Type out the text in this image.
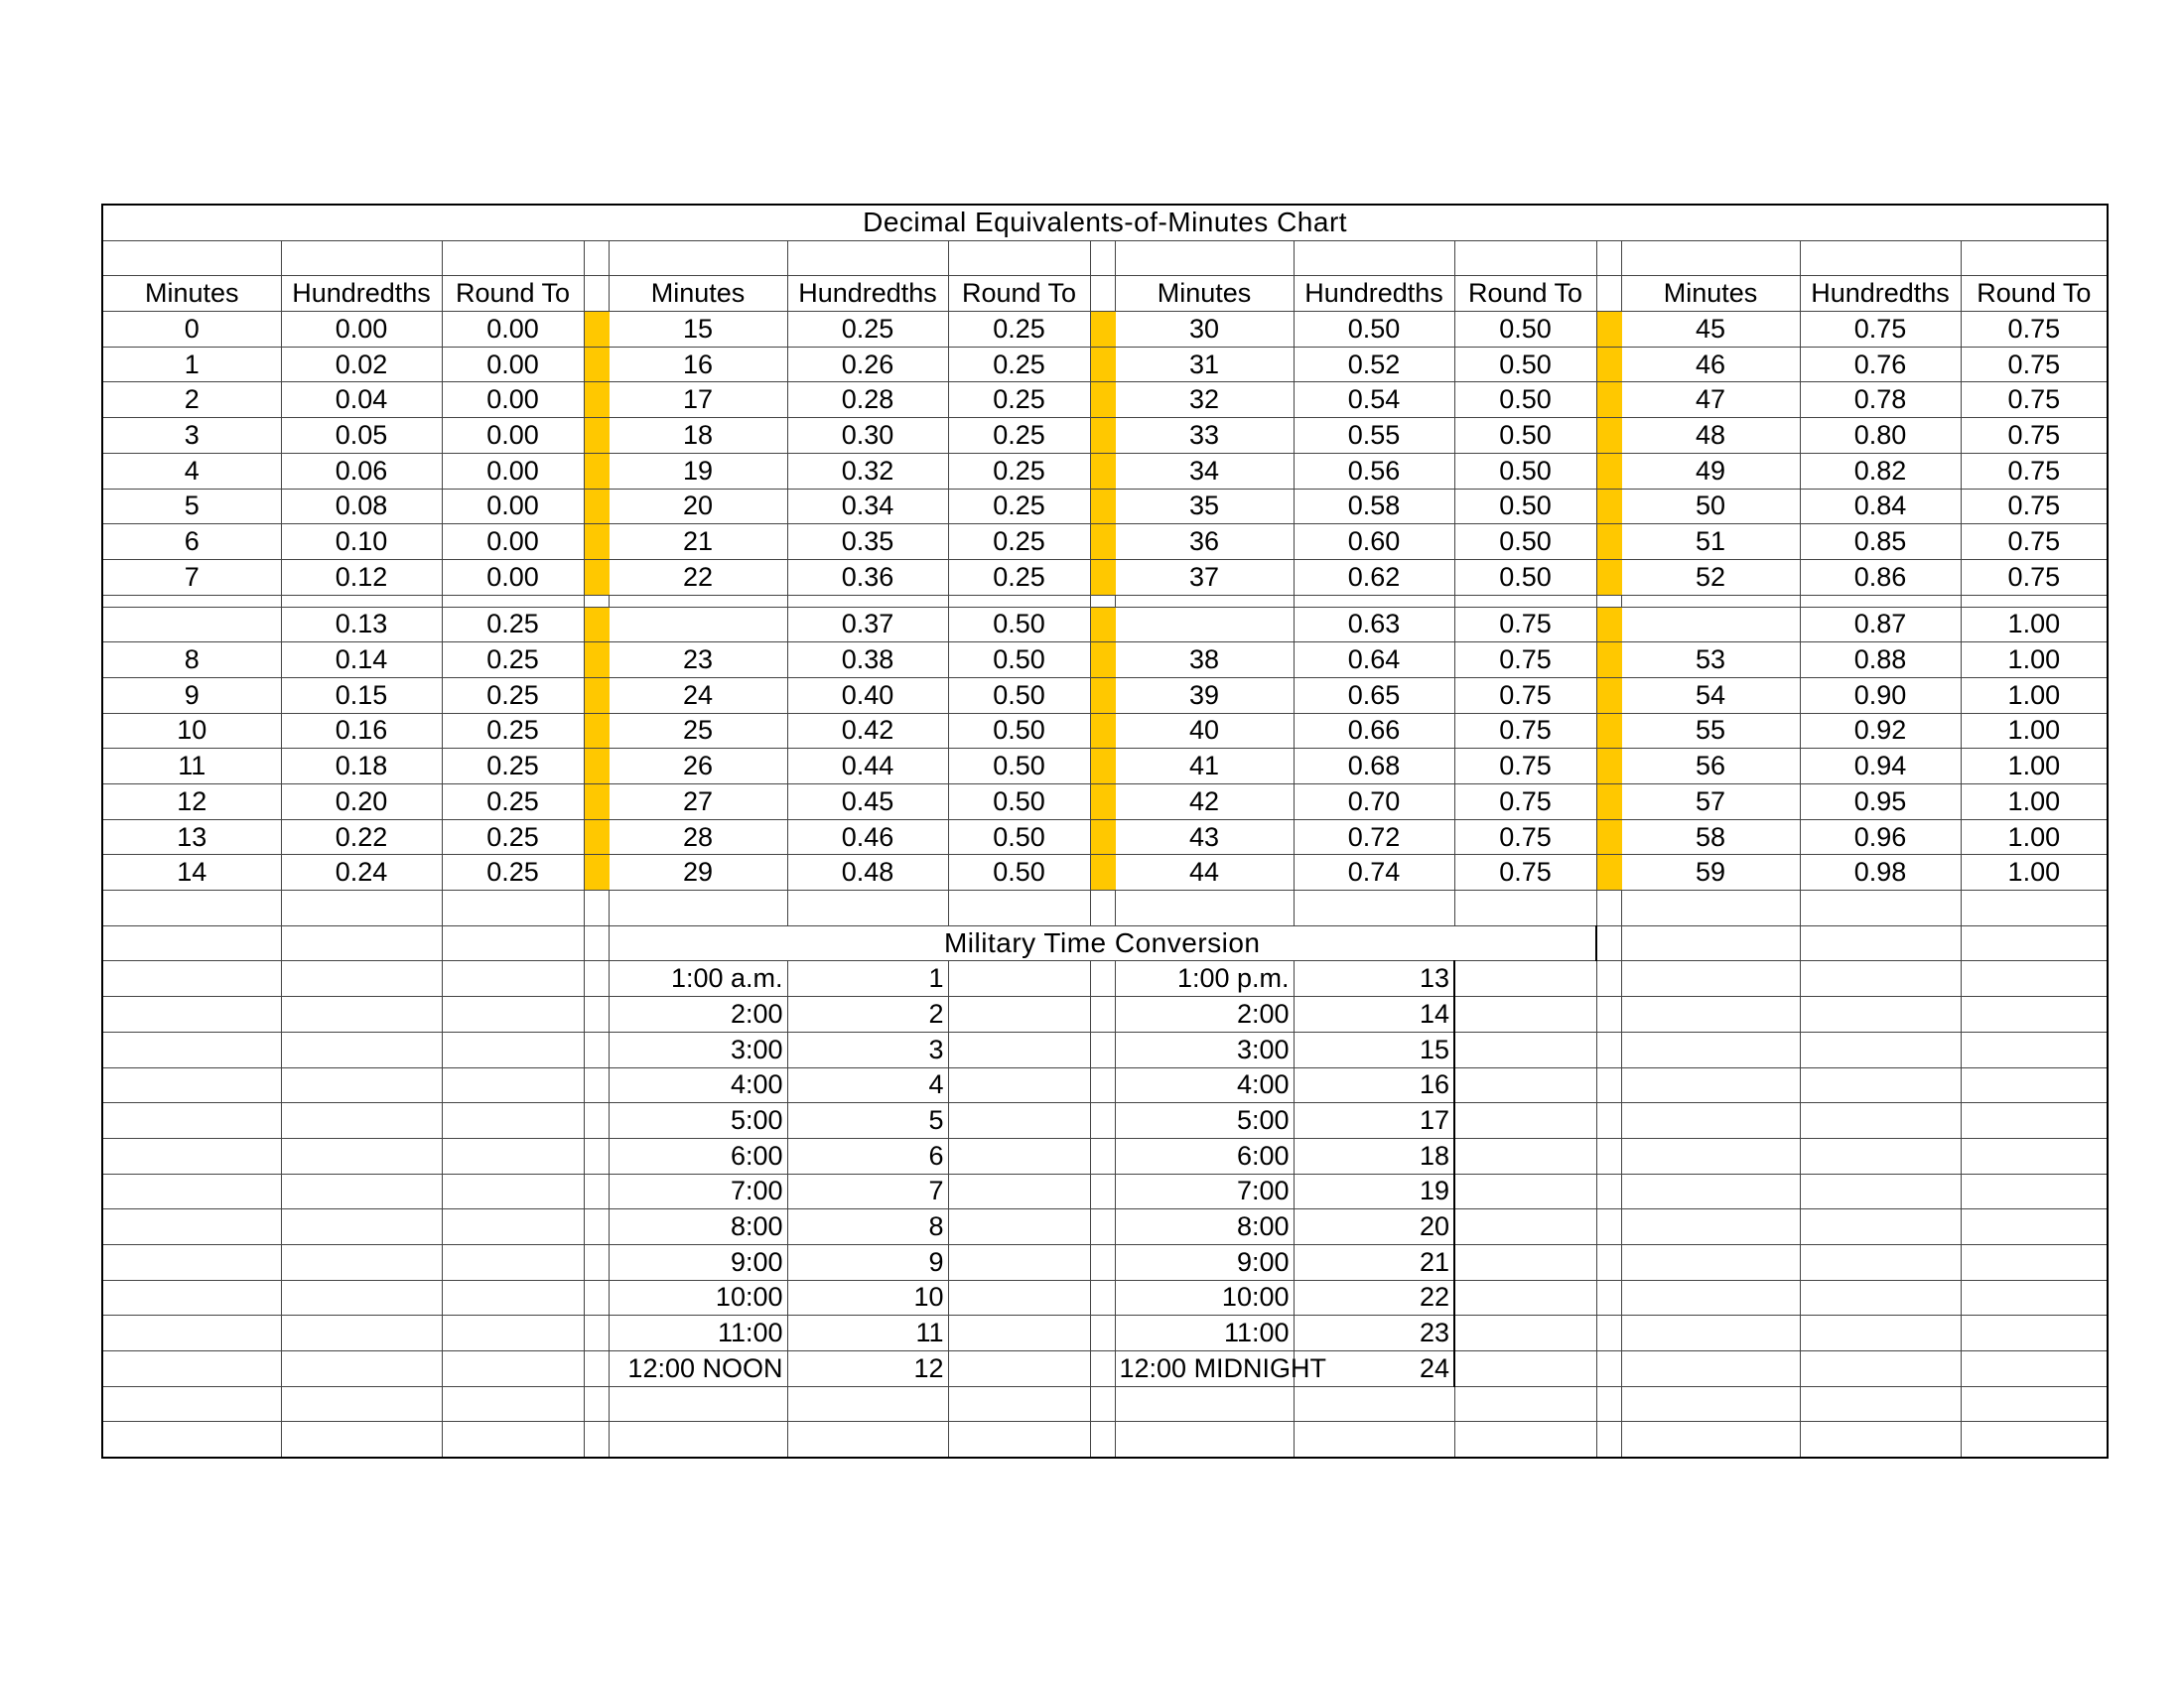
Decimal Equivalents-of-Minutes Chart														

Minutes	Hundredths	Round To		Minutes	Hundredths	Round To		Minutes	Hundredths	Round To		Minutes	Hundredths	Round To
0	0.00	0.00		15	0.25	0.25		30	0.50	0.50		45	0.75	0.75
1	0.02	0.00		16	0.26	0.25		31	0.52	0.50		46	0.76	0.75
2	0.04	0.00		17	0.28	0.25		32	0.54	0.50		47	0.78	0.75
3	0.05	0.00		18	0.30	0.25		33	0.55	0.50		48	0.80	0.75
4	0.06	0.00		19	0.32	0.25		34	0.56	0.50		49	0.82	0.75
5	0.08	0.00		20	0.34	0.25		35	0.58	0.50		50	0.84	0.75
6	0.10	0.00		21	0.35	0.25		36	0.60	0.50		51	0.85	0.75
7	0.12	0.00		22	0.36	0.25		37	0.62	0.50		52	0.86	0.75

	0.13	0.25			0.37	0.50			0.63	0.75			0.87	1.00
8	0.14	0.25		23	0.38	0.50		38	0.64	0.75		53	0.88	1.00
9	0.15	0.25		24	0.40	0.50		39	0.65	0.75		54	0.90	1.00
10	0.16	0.25		25	0.42	0.50		40	0.66	0.75		55	0.92	1.00
11	0.18	0.25		26	0.44	0.50		41	0.68	0.75		56	0.94	1.00
12	0.20	0.25		27	0.45	0.50		42	0.70	0.75		57	0.95	1.00
13	0.22	0.25		28	0.46	0.50		43	0.72	0.75		58	0.96	1.00
14	0.24	0.25		29	0.48	0.50		44	0.74	0.75		59	0.98	1.00

				Military Time Conversion										
				1:00 a.m.	1			1:00 p.m.	13					
				2:00	2			2:00	14					
				3:00	3			3:00	15					
				4:00	4			4:00	16					
				5:00	5			5:00	17					
				6:00	6			6:00	18					
				7:00	7			7:00	19					
				8:00	8			8:00	20					
				9:00	9			9:00	21					
				10:00	10			10:00	22					
				11:00	11			11:00	23					
				12:00 NOON	12			12:00 MIDNIGHT	24					
